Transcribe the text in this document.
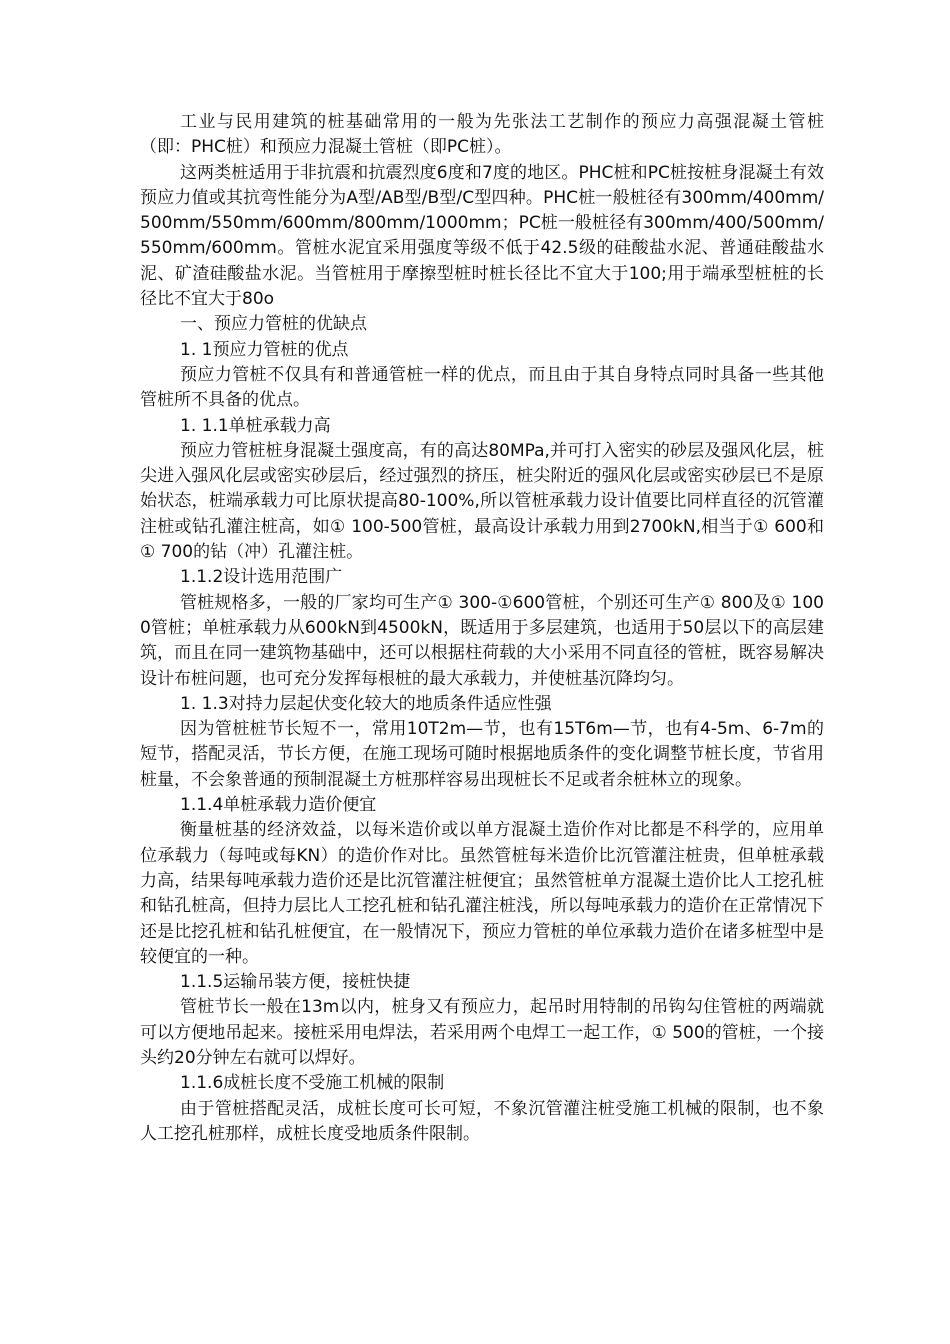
工业与民用建筑的桩基础常用的一般为先张法工艺制作的预应力高强混凝土管桩（即：PHC桩）和预应力混凝土管桩（即PC桩）。

这两类桩适用于非抗震和抗震烈度6度和7度的地区。PHC桩和PC桩按桩身混凝土有效预应力值或其抗弯性能分为A型/AB型/B型/C型四种。PHC桩一般桩径有300mm/400mm/500mm/550mm/600mm/800mm/1000mm；PC桩一般桩径有300mm/400/500mm/550mm/600mm。管桩水泥宜采用强度等级不低于42.5级的硅酸盐水泥、普通硅酸盐水泥、矿渣硅酸盐水泥。当管桩用于摩擦型桩时桩长径比不宜大于100;用于端承型桩桩的长径比不宜大于80o

一、预应力管桩的优缺点

1. 1预应力管桩的优点

预应力管桩不仅具有和普通管桩一样的优点，而且由于其自身特点同时具备一些其他管桩所不具备的优点。

1. 1.1单桩承载力高

预应力管桩桩身混凝土强度高，有的高达80MPa,并可打入密实的砂层及强风化层，桩尖进入强风化层或密实砂层后，经过强烈的挤压，桩尖附近的强风化层或密实砂层已不是原始状态，桩端承载力可比原状提高80-100%,所以管桩承载力设计值要比同样直径的沉管灌注桩或钻孔灌注桩高，如① 100-500管桩，最高设计承载力用到2700kN,相当于① 600和① 700的钻（冲）孔灌注桩。

1.1.2设计选用范围广

管桩规格多，一般的厂家均可生产① 300-①600管桩，个别还可生产① 800及① 1000管桩；单桩承载力从600kN到4500kN，既适用于多层建筑，也适用于50层以下的高层建筑，而且在同一建筑物基础中，还可以根据柱荷载的大小采用不同直径的管桩，既容易解决设计布桩问题，也可充分发挥每根桩的最大承载力，并使桩基沉降均匀。

1. 1.3对持力层起伏变化较大的地质条件适应性强

因为管桩桩节长短不一，常用10T2m—节，也有15T6m—节，也有4-5m、6-7m的短节，搭配灵活，节长方便，在施工现场可随时根据地质条件的变化调整节桩长度，节省用桩量，不会象普通的预制混凝土方桩那样容易出现桩长不足或者余桩林立的现象。

1.1.4单桩承载力造价便宜

衡量桩基的经济效益，以每米造价或以单方混凝土造价作对比都是不科学的，应用单位承载力（每吨或每KN）的造价作对比。虽然管桩每米造价比沉管灌注桩贵，但单桩承载力高，结果每吨承载力造价还是比沉管灌注桩便宜；虽然管桩单方混凝土造价比人工挖孔桩和钻孔桩高，但持力层比人工挖孔桩和钻孔灌注桩浅，所以每吨承载力的造价在正常情况下还是比挖孔桩和钻孔桩便宜，在一般情况下，预应力管桩的单位承载力造价在诸多桩型中是较便宜的一种。

1.1.5运输吊装方便，接桩快捷

管桩节长一般在13m以内，桩身又有预应力，起吊时用特制的吊钩勾住管桩的两端就可以方便地吊起来。接桩采用电焊法，若采用两个电焊工一起工作，① 500的管桩，一个接头约20分钟左右就可以焊好。

1.1.6成桩长度不受施工机械的限制

由于管桩搭配灵活，成桩长度可长可短，不象沉管灌注桩受施工机械的限制，也不象人工挖孔桩那样，成桩长度受地质条件限制。
